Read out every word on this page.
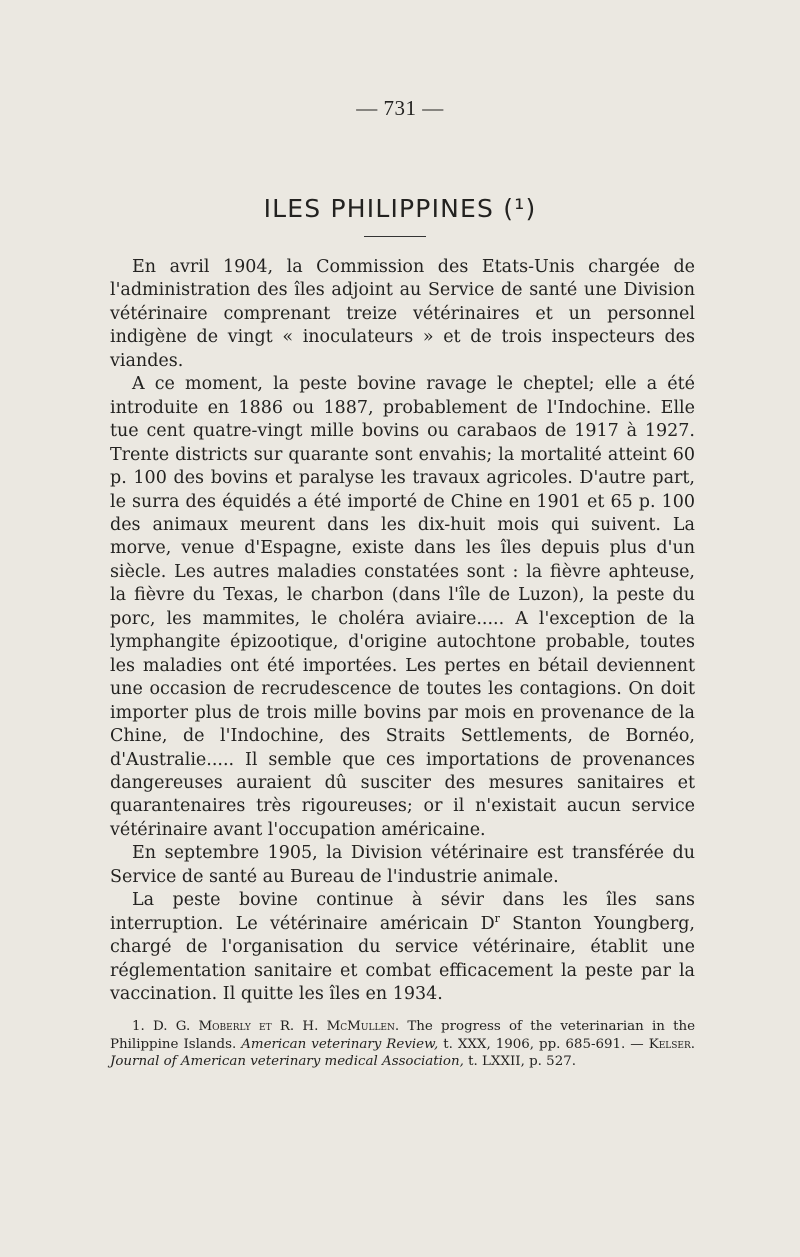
— 731 —
ILES PHILIPPINES (¹)

En avril 1904, la Commission des Etats-Unis chargée de l'administration des îles adjoint au Service de santé une Division vétérinaire comprenant treize vétérinaires et un personnel indigène de vingt « inoculateurs » et de trois inspecteurs des viandes.

A ce moment, la peste bovine ravage le cheptel; elle a été introduite en 1886 ou 1887, probablement de l'Indochine. Elle tue cent quatre-vingt mille bovins ou carabaos de 1917 à 1927. Trente districts sur quarante sont envahis; la mortalité atteint 60 p. 100 des bovins et paralyse les travaux agricoles. D'autre part, le surra des équidés a été importé de Chine en 1901 et 65 p. 100 des animaux meurent dans les dix-huit mois qui suivent. La morve, venue d'Espagne, existe dans les îles depuis plus d'un siècle. Les autres maladies constatées sont : la fièvre aphteuse, la fièvre du Texas, le charbon (dans l'île de Luzon), la peste du porc, les mammites, le choléra aviaire..... A l'exception de la lymphangite épizootique, d'origine autochtone probable, toutes les maladies ont été importées. Les pertes en bétail deviennent une occasion de recrudescence de toutes les contagions. On doit importer plus de trois mille bovins par mois en provenance de la Chine, de l'Indochine, des Straits Settlements, de Bornéo, d'Australie..... Il semble que ces importations de provenances dangereuses auraient dû susciter des mesures sanitaires et quarantenaires très rigoureuses; or il n'existait aucun service vétérinaire avant l'occupation américaine.

En septembre 1905, la Division vétérinaire est transférée du Service de santé au Bureau de l'industrie animale.

La peste bovine continue à sévir dans les îles sans interruption. Le vétérinaire américain $D^r$ Stanton Youngberg, chargé de l'organisation du service vétérinaire, établit une réglementation sanitaire et combat efficacement la peste par la vaccination. Il quitte les îles en 1934.

1. D. G. Moberly et R. H. McMullen. The progress of the veterinarian in the Philippine Islands. American veterinary Review, t. XXX, 1906, pp. 685-691. — Kelser. Journal of American veterinary medical Association, t. LXXII, p. 527.
